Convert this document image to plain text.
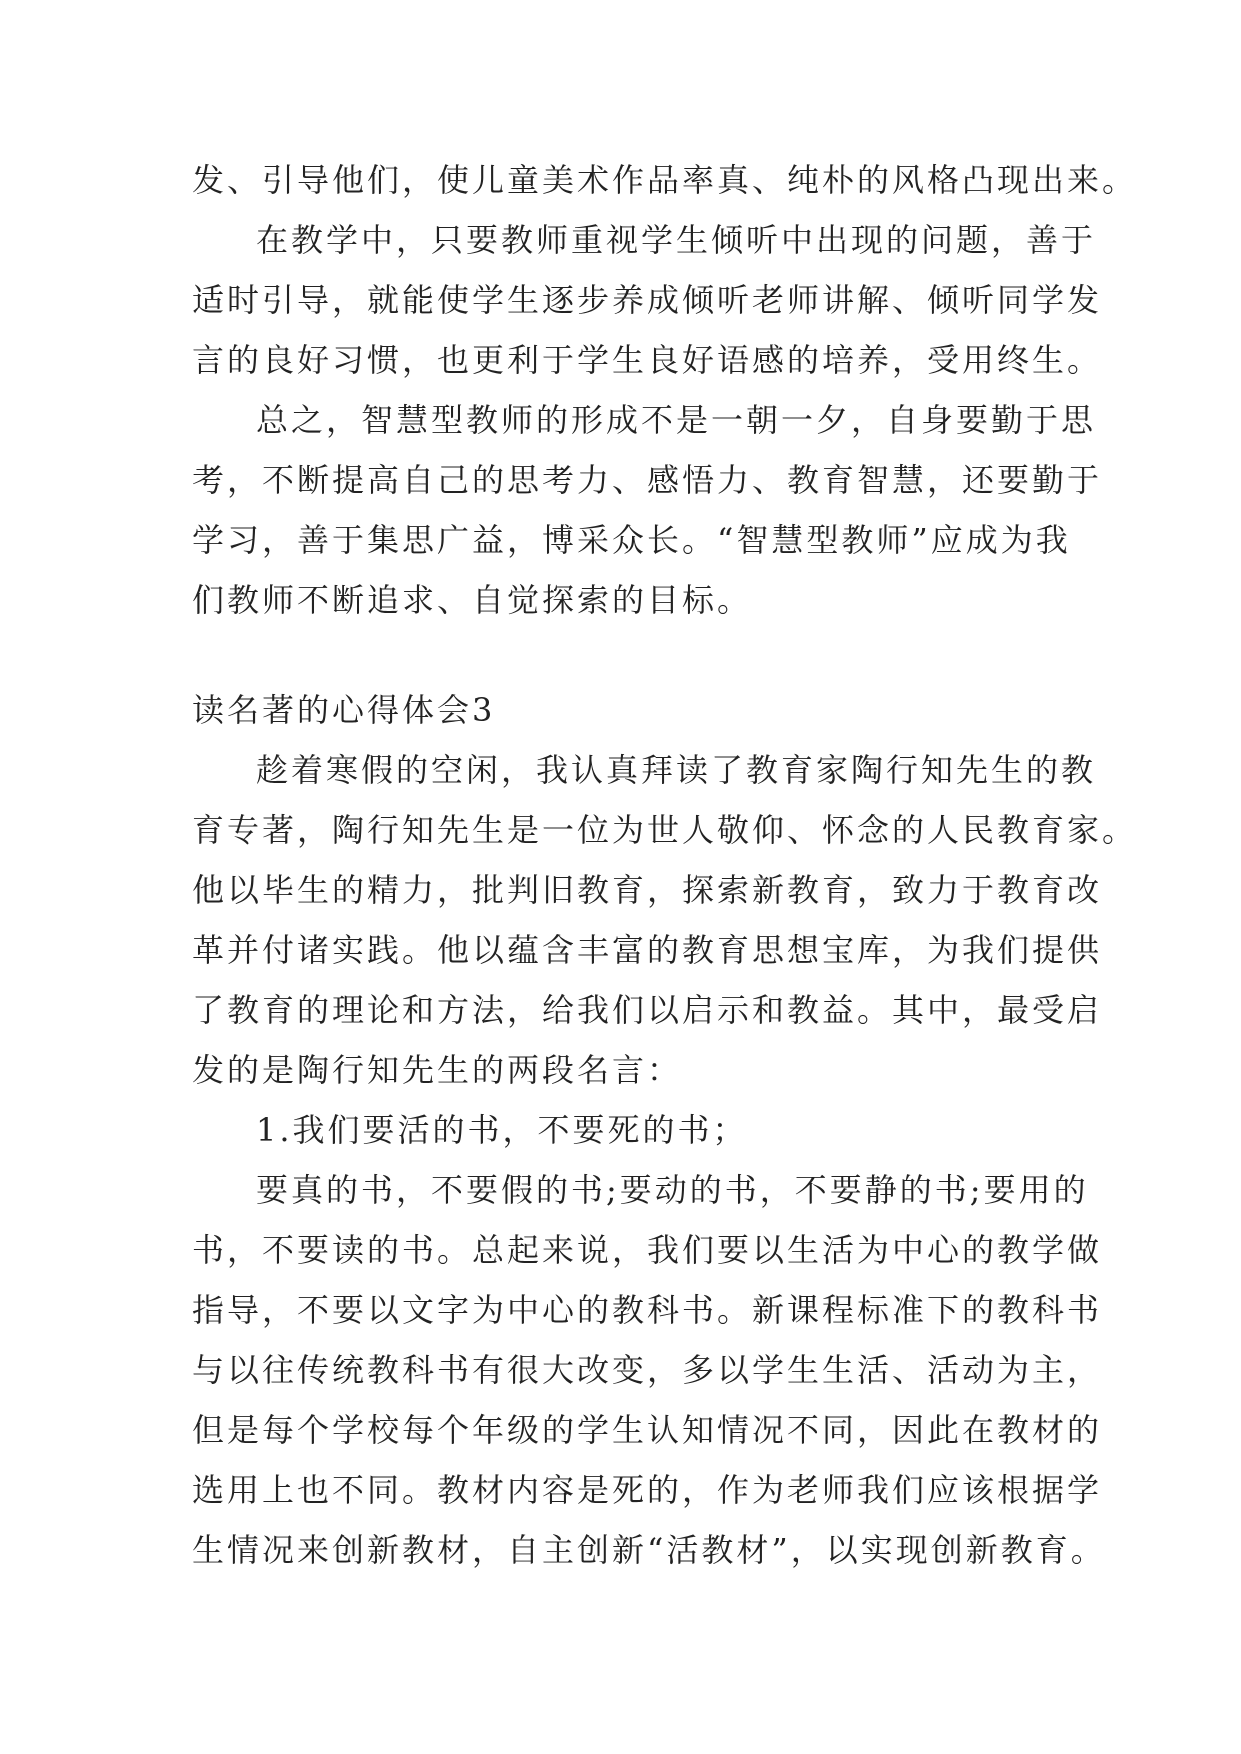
发、引导他们，使儿童美术作品率真、纯朴的风格凸现出来。
在教学中，只要教师重视学生倾听中出现的问题，善于
适时引导，就能使学生逐步养成倾听老师讲解、倾听同学发
言的良好习惯，也更利于学生良好语感的培养，受用终生。
总之，智慧型教师的形成不是一朝一夕，自身要勤于思
考，不断提高自己的思考力、感悟力、教育智慧，还要勤于
学习，善于集思广益，博采众长。“智慧型教师”应成为我
们教师不断追求、自觉探索的目标。
读名著的心得体会3
趁着寒假的空闲，我认真拜读了教育家陶行知先生的教
育专著，陶行知先生是一位为世人敬仰、怀念的人民教育家。
他以毕生的精力，批判旧教育，探索新教育，致力于教育改
革并付诸实践。他以蕴含丰富的教育思想宝库，为我们提供
了教育的理论和方法，给我们以启示和教益。其中，最受启
发的是陶行知先生的两段名言：
1.我们要活的书，不要死的书；
要真的书，不要假的书;要动的书，不要静的书;要用的
书，不要读的书。总起来说，我们要以生活为中心的教学做
指导，不要以文字为中心的教科书。新课程标准下的教科书
与以往传统教科书有很大改变，多以学生生活、活动为主，
但是每个学校每个年级的学生认知情况不同，因此在教材的
选用上也不同。教材内容是死的，作为老师我们应该根据学
生情况来创新教材，自主创新“活教材”，以实现创新教育。
